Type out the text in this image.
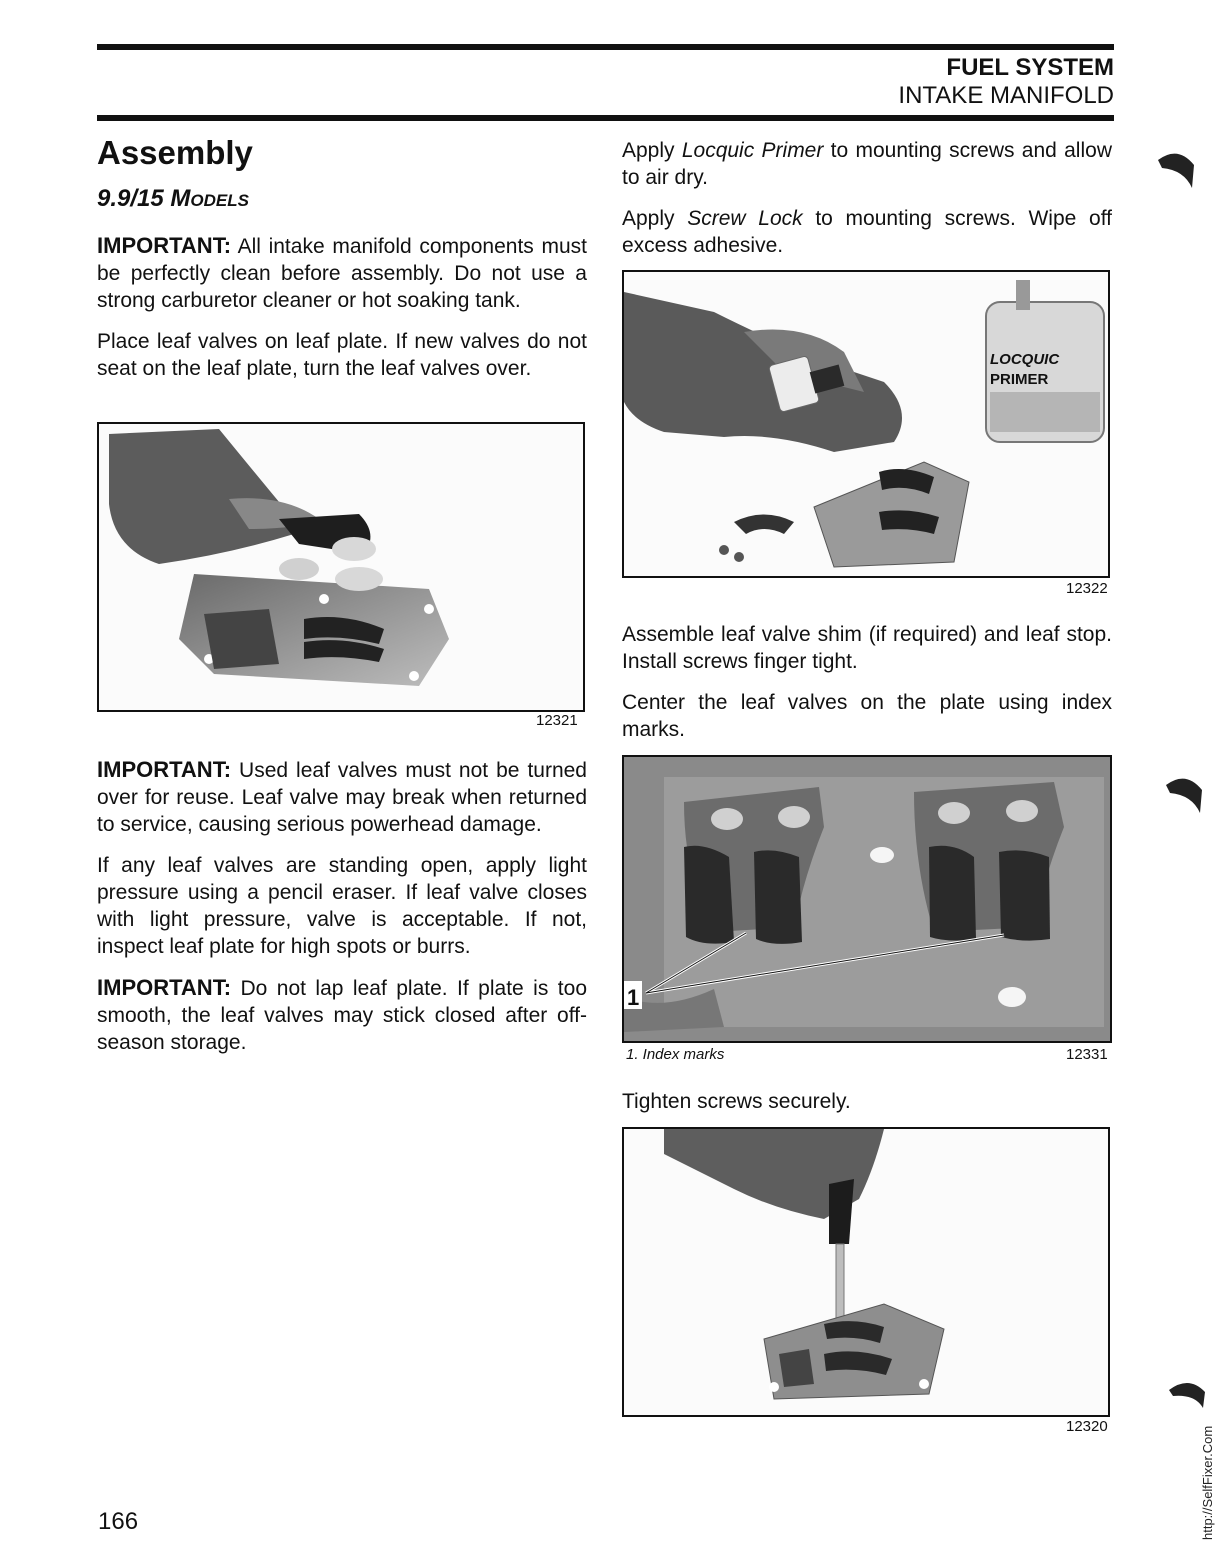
FUEL SYSTEM
INTAKE MANIFOLD
Assembly
9.9/15 Models

IMPORTANT: All intake manifold components must be perfectly clean before assembly. Do not use a strong carburetor cleaner or hot soaking tank.

Place leaf valves on leaf plate. If new valves do not seat on the leaf plate, turn the leaf valves over.

12321

IMPORTANT: Used leaf valves must not be turned over for reuse. Leaf valve may break when returned to service, causing serious powerhead damage.

If any leaf valves are standing open, apply light pressure using a pencil eraser. If leaf valve closes with light pressure, valve is acceptable. If not, inspect leaf plate for high spots or burrs.

IMPORTANT: Do not lap leaf plate. If plate is too smooth, the leaf valves may stick closed after off-season storage.

Apply Locquic Primer to mounting screws and allow to air dry.

Apply Screw Lock to mounting screws. Wipe off excess adhesive.

LOCQUIC
PRIMER
12322

Assemble leaf valve shim (if required) and leaf stop. Install screws finger tight.

Center the leaf valves on the plate using index marks.

1
1. Index marks	12331

Tighten screws securely.

12320
166	http://SelfFixer.Com
